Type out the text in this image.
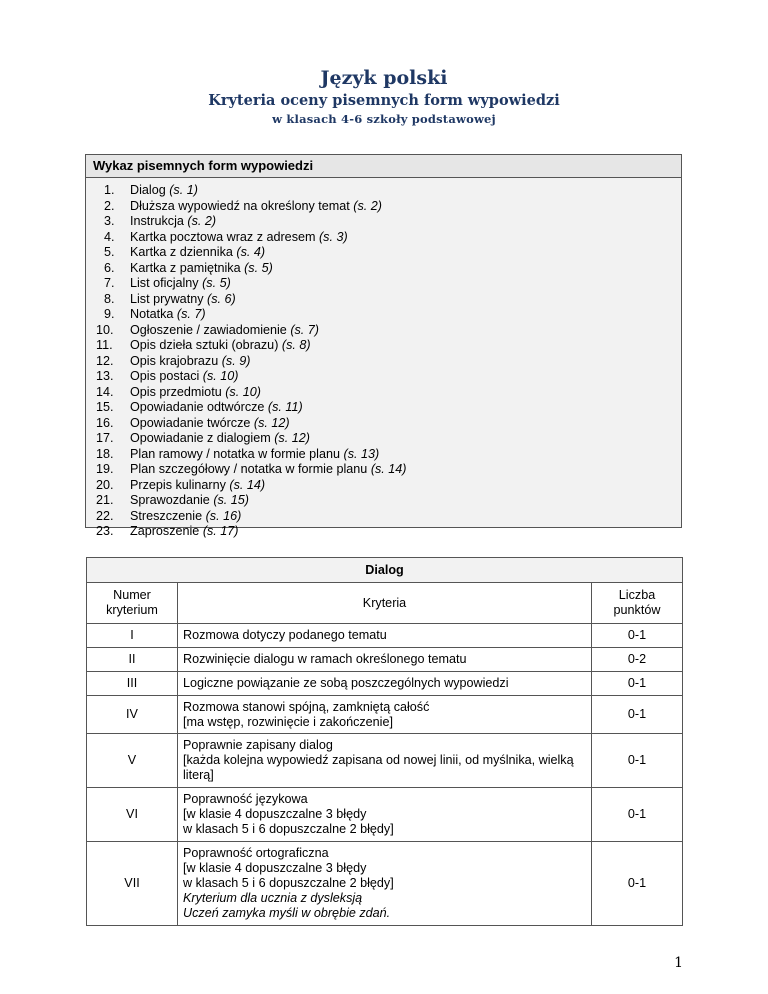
Język polski
Kryteria oceny pisemnych form wypowiedzi
w klasach 4-6 szkoły podstawowej
Wykaz pisemnych form wypowiedzi
1. Dialog (s. 1)
2. Dłuższa wypowiedź na określony temat (s. 2)
3. Instrukcja (s. 2)
4. Kartka pocztowa wraz z adresem (s. 3)
5. Kartka z dziennika (s. 4)
6. Kartka z pamiętnika (s. 5)
7. List oficjalny (s. 5)
8. List prywatny (s. 6)
9. Notatka (s. 7)
10. Ogłoszenie / zawiadomienie (s. 7)
11. Opis dzieła sztuki (obrazu) (s. 8)
12. Opis krajobrazu (s. 9)
13. Opis postaci (s. 10)
14. Opis przedmiotu (s. 10)
15. Opowiadanie odtwórcze (s. 11)
16. Opowiadanie twórcze (s. 12)
17. Opowiadanie z dialogiem (s. 12)
18. Plan ramowy / notatka w formie planu (s. 13)
19. Plan szczegółowy / notatka w formie planu (s. 14)
20. Przepis kulinarny (s. 14)
21. Sprawozdanie (s. 15)
22. Streszczenie (s. 16)
23. Zaproszenie (s. 17)
Dialog		
Numer kryterium	Kryteria	Liczba punktów
I	Rozmowa dotyczy podanego tematu	0-1
II	Rozwinięcie dialogu w ramach określonego tematu	0-2
III	Logiczne powiązanie ze sobą poszczególnych wypowiedzi	0-1
IV	Rozmowa stanowi spójną, zamkniętą całość
[ma wstęp, rozwinięcie i zakończenie]	0-1
V	Poprawnie zapisany dialog
[każda kolejna wypowiedź zapisana od nowej linii, od myślnika, wielką literą]	0-1
VI	Poprawność językowa
[w klasie 4 dopuszczalne 3 błędy
w klasach 5 i 6 dopuszczalne 2 błędy]	0-1
VII	Poprawność ortograficzna
[w klasie 4 dopuszczalne 3 błędy
w klasach 5 i 6 dopuszczalne 2 błędy]
Kryterium dla ucznia z dysleksją
Uczeń zamyka myśli w obrębie zdań.	0-1
1
